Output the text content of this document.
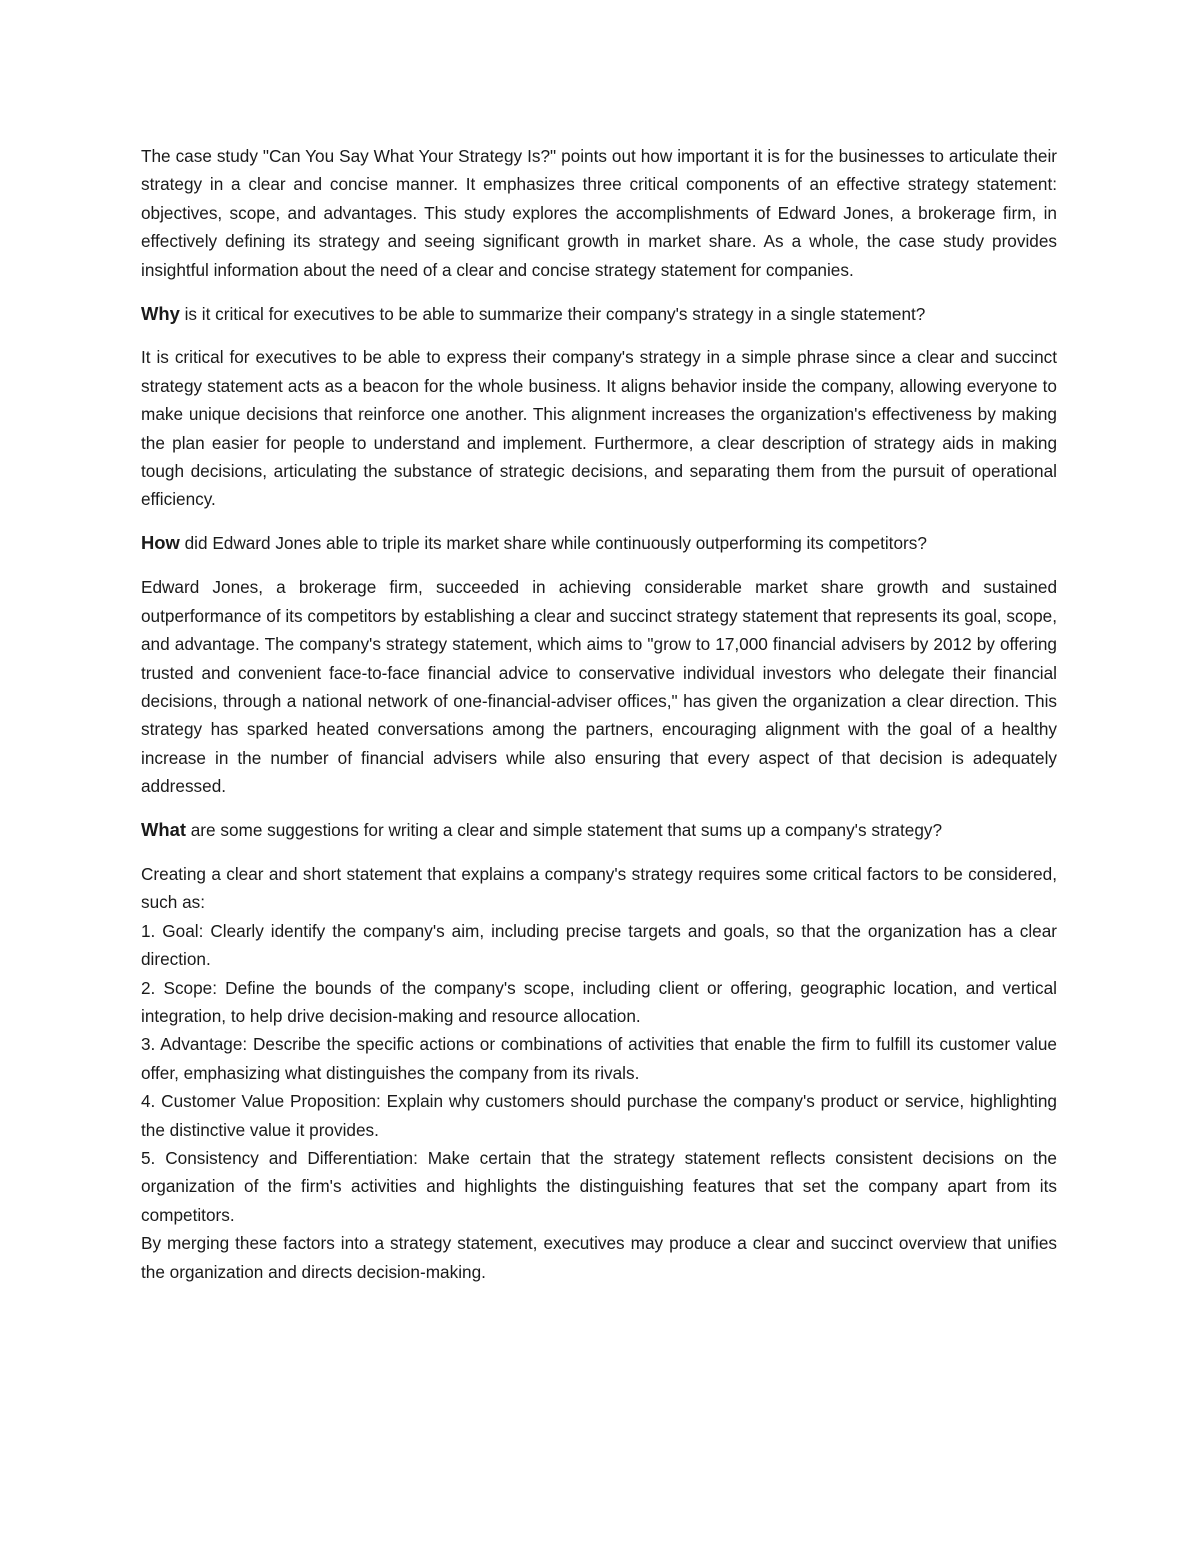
The case study "Can You Say What Your Strategy Is?" points out how important it is for the businesses to articulate their strategy in a clear and concise manner. It emphasizes three critical components of an effective strategy statement: objectives, scope, and advantages. This study explores the accomplishments of Edward Jones, a brokerage firm, in effectively defining its strategy and seeing significant growth in market share. As a whole, the case study provides insightful information about the need of a clear and concise strategy statement for companies.

Why is it critical for executives to be able to summarize their company's strategy in a single statement?

It is critical for executives to be able to express their company's strategy in a simple phrase since a clear and succinct strategy statement acts as a beacon for the whole business. It aligns behavior inside the company, allowing everyone to make unique decisions that reinforce one another. This alignment increases the organization's effectiveness by making the plan easier for people to understand and implement. Furthermore, a clear description of strategy aids in making tough decisions, articulating the substance of strategic decisions, and separating them from the pursuit of operational efficiency.

How did Edward Jones able to triple its market share while continuously outperforming its competitors?

Edward Jones, a brokerage firm, succeeded in achieving considerable market share growth and sustained outperformance of its competitors by establishing a clear and succinct strategy statement that represents its goal, scope, and advantage. The company's strategy statement, which aims to "grow to 17,000 financial advisers by 2012 by offering trusted and convenient face-to-face financial advice to conservative individual investors who delegate their financial decisions, through a national network of one-financial-adviser offices," has given the organization a clear direction. This strategy has sparked heated conversations among the partners, encouraging alignment with the goal of a healthy increase in the number of financial advisers while also ensuring that every aspect of that decision is adequately addressed.

What are some suggestions for writing a clear and simple statement that sums up a company's strategy?

Creating a clear and short statement that explains a company's strategy requires some critical factors to be considered, such as:

1. Goal: Clearly identify the company's aim, including precise targets and goals, so that the organization has a clear direction.

2. Scope: Define the bounds of the company's scope, including client or offering, geographic location, and vertical integration, to help drive decision-making and resource allocation.

3. Advantage: Describe the specific actions or combinations of activities that enable the firm to fulfill its customer value offer, emphasizing what distinguishes the company from its rivals.

4. Customer Value Proposition: Explain why customers should purchase the company's product or service, highlighting the distinctive value it provides.

5. Consistency and Differentiation: Make certain that the strategy statement reflects consistent decisions on the organization of the firm's activities and highlights the distinguishing features that set the company apart from its competitors.

By merging these factors into a strategy statement, executives may produce a clear and succinct overview that unifies the organization and directs decision-making.
